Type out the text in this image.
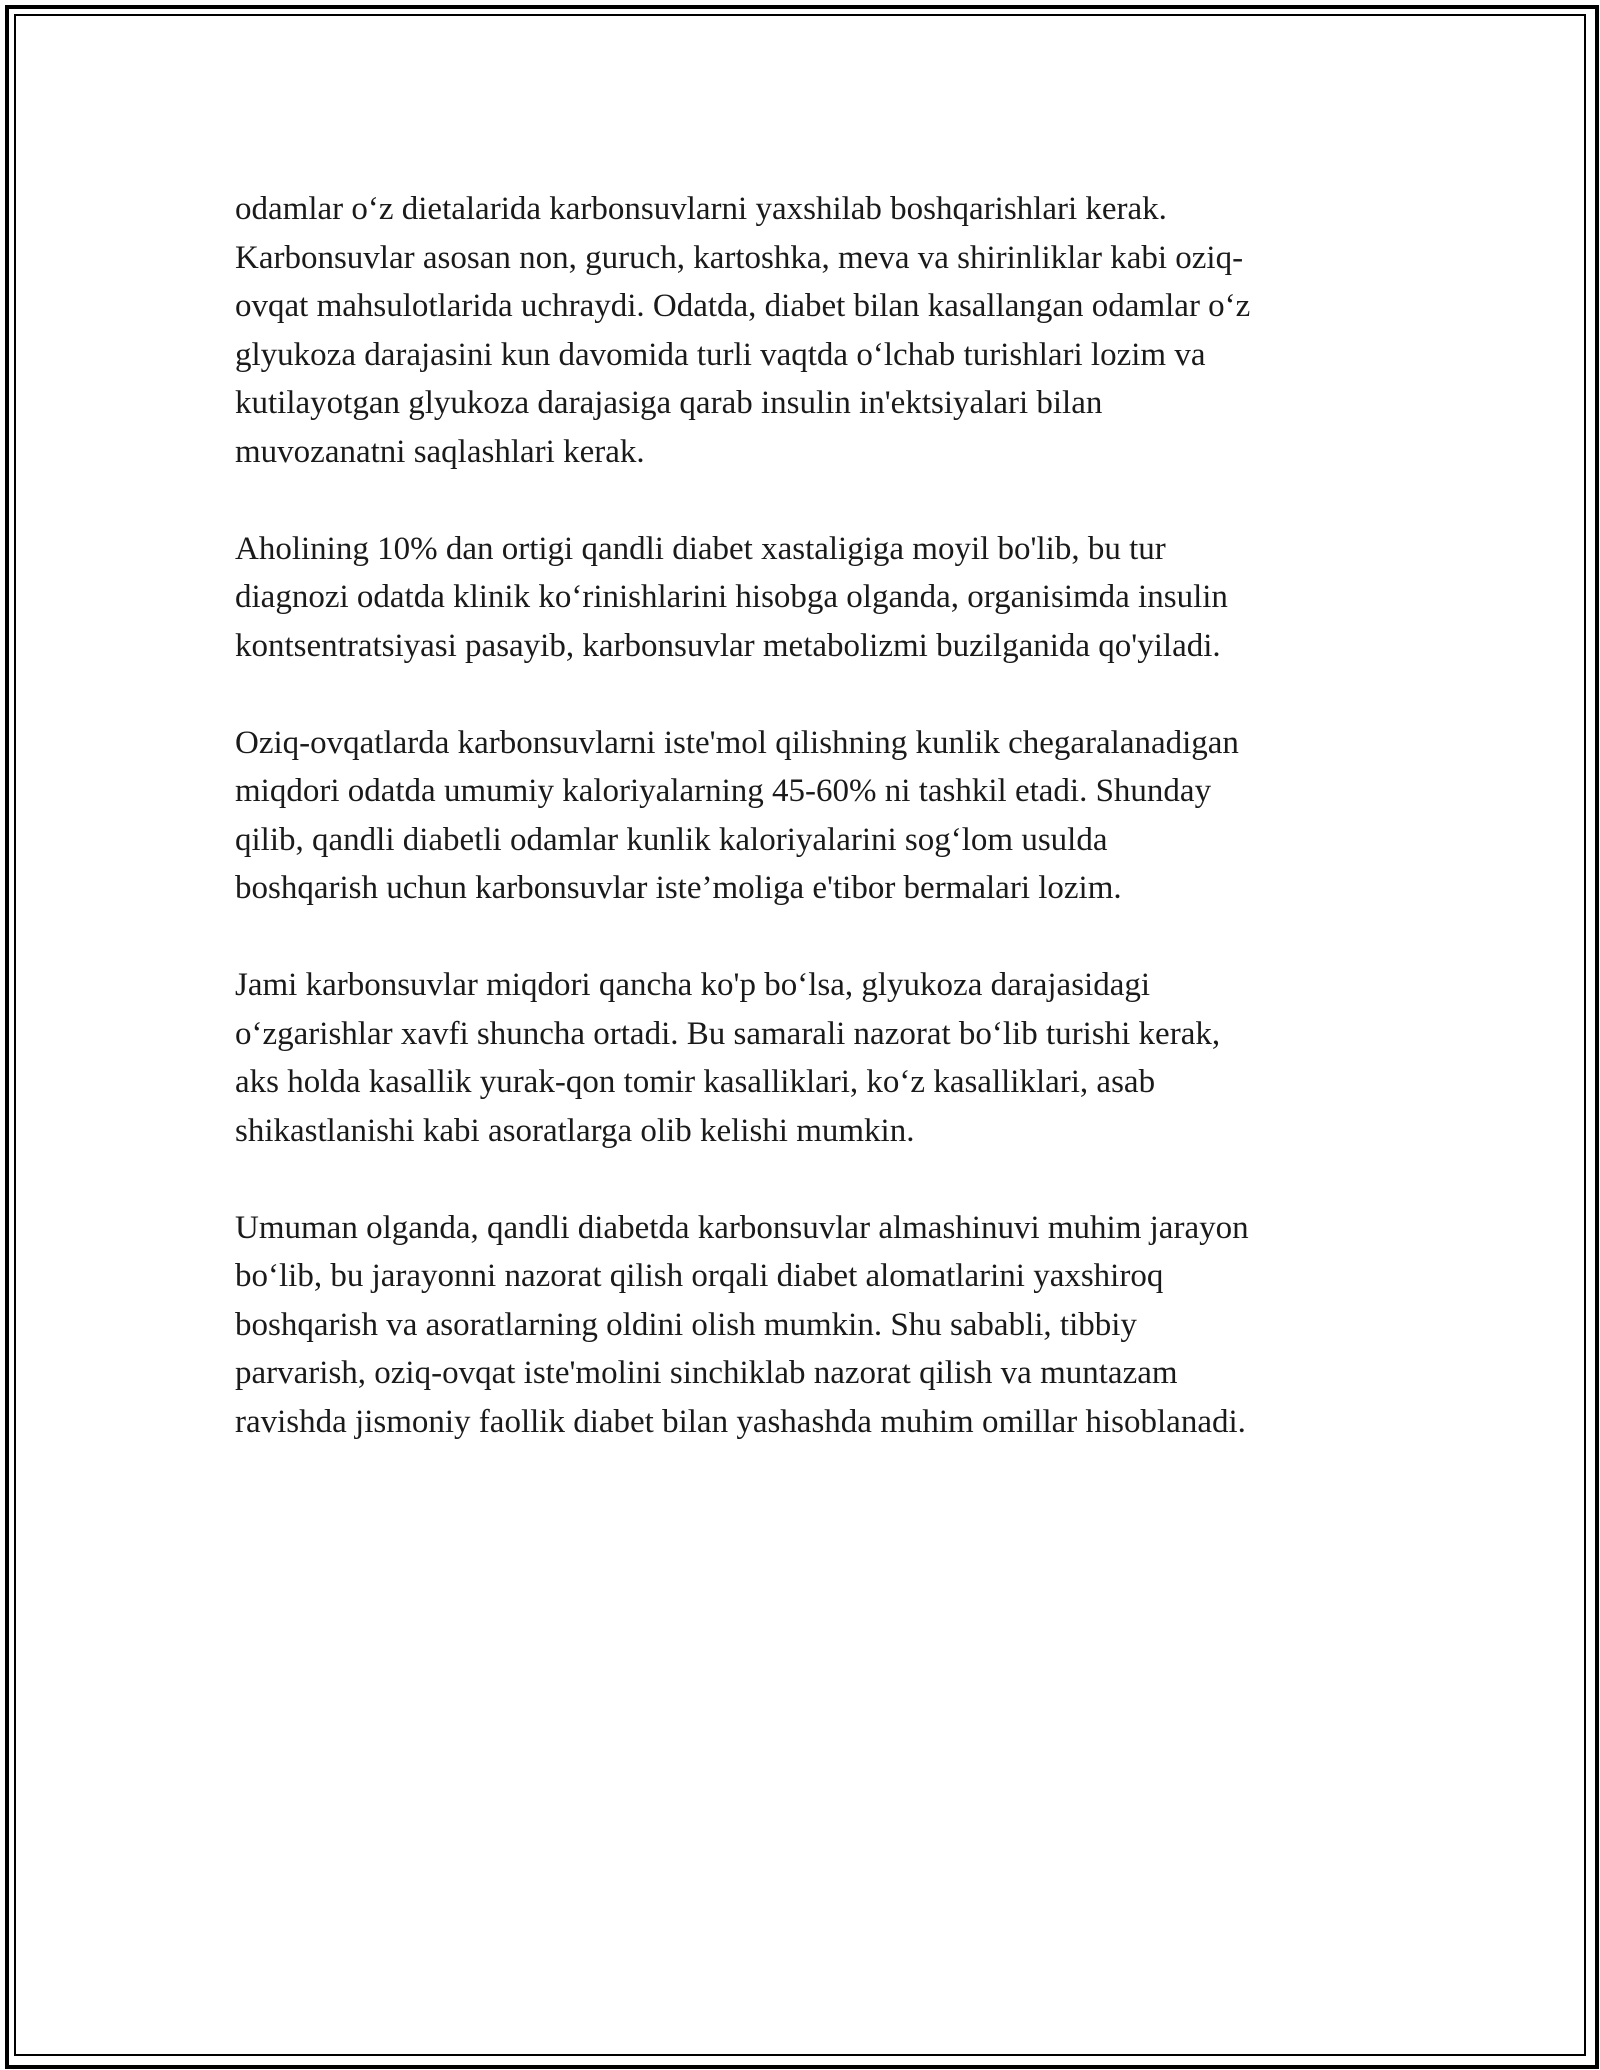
odamlar o‘z dietalarida karbonsuvlarni yaxshilab boshqarishlari kerak.
Karbonsuvlar asosan non, guruch, kartoshka, meva va shirinliklar kabi oziq-
ovqat mahsulotlarida uchraydi. Odatda, diabet bilan kasallangan odamlar o‘z
glyukoza darajasini kun davomida turli vaqtda o‘lchab turishlari lozim va
kutilayotgan glyukoza darajasiga qarab insulin in'ektsiyalari bilan
muvozanatni saqlashlari kerak.

Aholining 10% dan ortigi qandli diabet xastaligiga moyil bo'lib, bu tur
diagnozi odatda klinik ko‘rinishlarini hisobga olganda, organisimda insulin
kontsentratsiyasi pasayib, karbonsuvlar metabolizmi buzilganida qo'yiladi.

Oziq-ovqatlarda karbonsuvlarni iste'mol qilishning kunlik chegaralanadigan
miqdori odatda umumiy kaloriyalarning 45-60% ni tashkil etadi. Shunday
qilib, qandli diabetli odamlar kunlik kaloriyalarini sog‘lom usulda
boshqarish uchun karbonsuvlar iste’moliga e'tibor bermalari lozim.

Jami karbonsuvlar miqdori qancha ko'p bo‘lsa, glyukoza darajasidagi
o‘zgarishlar xavfi shuncha ortadi. Bu samarali nazorat bo‘lib turishi kerak,
aks holda kasallik yurak-qon tomir kasalliklari, ko‘z kasalliklari, asab
shikastlanishi kabi asoratlarga olib kelishi mumkin.

Umuman olganda, qandli diabetda karbonsuvlar almashinuvi muhim jarayon
bo‘lib, bu jarayonni nazorat qilish orqali diabet alomatlarini yaxshiroq
boshqarish va asoratlarning oldini olish mumkin. Shu sababli, tibbiy
parvarish, oziq-ovqat iste'molini sinchiklab nazorat qilish va muntazam
ravishda jismoniy faollik diabet bilan yashashda muhim omillar hisoblanadi.
